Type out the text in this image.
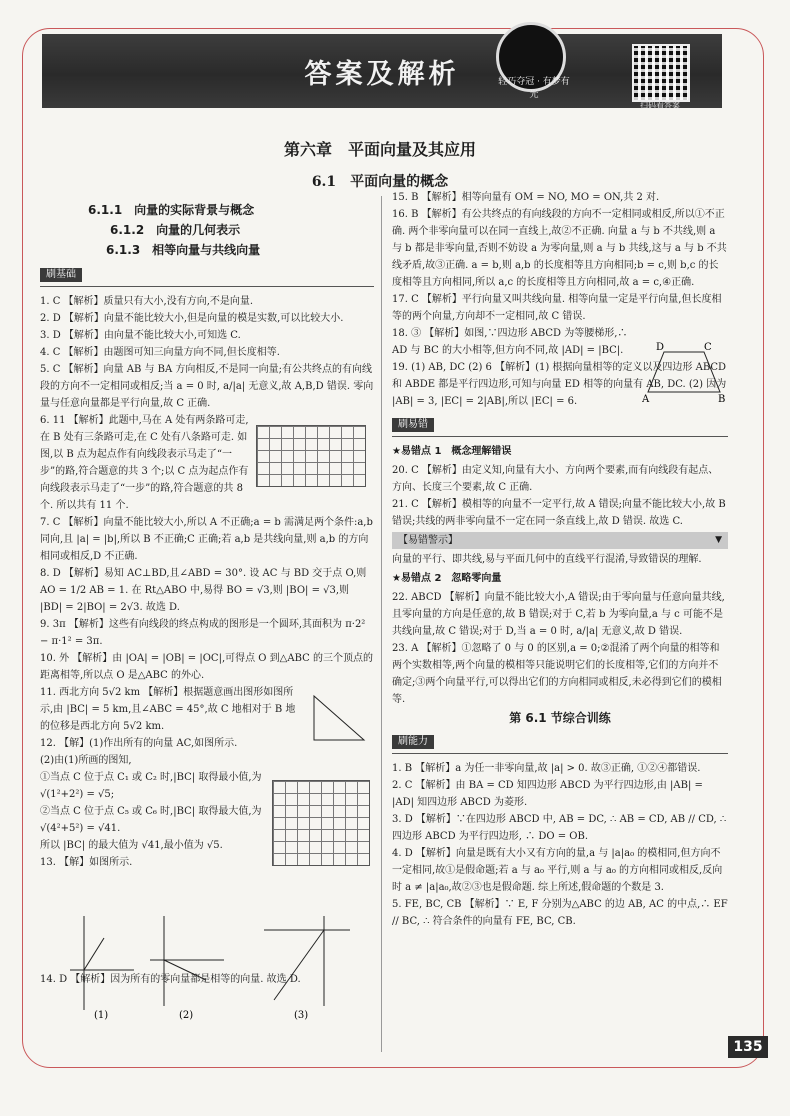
答案及解析	轻巧夺冠 · 有梦有光
扫码看答案
第六章　平面向量及其应用
6.1　平面向量的概念
6.1.1　向量的实际背景与概念
6.1.2　向量的几何表示
6.1.3　相等向量与共线向量
刷基础

1. C 【解析】质量只有大小,没有方向,不是向量.

2. D 【解析】向量不能比较大小,但是向量的模是实数,可以比较大小.

3. D 【解析】由向量不能比较大小,可知选 C.

4. C 【解析】由题图可知三向量方向不同,但长度相等.

5. C 【解析】向量 AB 与 BA 方向相反,不是同一向量;有公共终点的有向线段的方向不一定相同或相反;当 a = 0 时, a/|a| 无意义,故 A,B,D 错误. 零向量与任意向量都是平行向量,故 C 正确.

6. 11 【解析】此题中,马在 A 处有两条路可走,在 B 处有三条路可走,在 C 处有八条路可走. 如图,以 B 点为起点作有向线段表示马走了“一步”的路,符合题意的共 3 个;以 C 点为起点作有向线段表示马走了“一步”的路,符合题意的共 8 个. 所以共有 11 个.

7. C 【解析】向量不能比较大小,所以 A 不正确;a = b 需满足两个条件:a,b 同向,且 |a| = |b|,所以 B 不正确;C 正确;若 a,b 是共线向量,则 a,b 的方向相同或相反,D 不正确.

8. D 【解析】易知 AC⊥BD,且∠ABD = 30°. 设 AC 与 BD 交于点 O,则 AO = 1/2 AB = 1. 在 Rt△ABO 中,易得 BO = √3,则 |BO| = √3,则 |BD| = 2|BO| = 2√3. 故选 D.

9. 3π 【解析】这些有向线段的终点构成的图形是一个圆环,其面积为 π·2² − π·1² = 3π.

10. 外 【解析】由 |OA| = |OB| = |OC|,可得点 O 到△ABC 的三个顶点的距离相等,所以点 O 是△ABC 的外心.

11. 西北方向 5√2 km 【解析】根据题意画出图形如图所示,由 |BC| = 5 km,且∠ABC = 45°,故 C 地相对于 B 地的位移是西北方向 5√2 km.

12. 【解】(1)作出所有的向量 AC,如图所示.

(2)由(1)所画的图知,

①当点 C 位于点 C₁ 或 C₂ 时,|BC| 取得最小值,为 √(1²+2²) = √5;

②当点 C 位于点 C₅ 或 C₆ 时,|BC| 取得最大值,为 √(4²+5²) = √41.

所以 |BC| 的最大值为 √41,最小值为 √5.

13. 【解】如图所示.

14. D 【解析】因为所有的零向量都是相等的向量. 故选 D.

(1)	(2)	(3)

15. B 【解析】相等向量有 OM = NO, MO = ON,共 2 对.

16. B 【解析】有公共终点的有向线段的方向不一定相同或相反,所以①不正确. 两个非零向量可以在同一直线上,故②不正确. 向量 a 与 b 不共线,则 a 与 b 都是非零向量,否则不妨设 a 为零向量,则 a 与 b 共线,这与 a 与 b 不共线矛盾,故③正确. a = b,则 a,b 的长度相等且方向相同;b = c,则 b,c 的长度相等且方向相同,所以 a,c 的长度相等且方向相同,故 a = c,④正确.

17. C 【解析】平行向量又叫共线向量. 相等向量一定是平行向量,但长度相等的两个向量,方向却不一定相同,故 C 错误.

18. ③ 【解析】如图,∵四边形 ABCD 为等腰梯形,∴ AD 与 BC 的大小相等,但方向不同,故 |AD| = |BC|.

19. (1) AB, DC (2) 6 【解析】(1) 根据向量相等的定义以及四边形 ABCD 和 ABDE 都是平行四边形,可知与向量 ED 相等的向量有 AB, DC. (2) 因为 |AB| = 3, |EC| = 2|AB|,所以 |EC| = 6.

刷易错
★易错点 1　概念理解错误

20. C 【解析】由定义知,向量有大小、方向两个要素,而有向线段有起点、方向、长度三个要素,故 C 正确.

21. C 【解析】模相等的向量不一定平行,故 A 错误;向量不能比较大小,故 B 错误;共线的两非零向量不一定在同一条直线上,故 D 错误. 故选 C.

【易错警示】 ▼

向量的平行、即共线,易与平面几何中的直线平行混淆,导致错误的理解.

★易错点 2　忽略零向量

22. ABCD 【解析】向量不能比较大小,A 错误;由于零向量与任意向量共线,且零向量的方向是任意的,故 B 错误;对于 C,若 b 为零向量,a 与 c 可能不是共线向量,故 C 错误;对于 D,当 a = 0 时, a/|a| 无意义,故 D 错误.

23. A 【解析】①忽略了 0 与 0 的区别,a = 0;②混淆了两个向量的相等和两个实数相等,两个向量的模相等只能说明它们的长度相等,它们的方向并不确定;③两个向量平行,可以得出它们的方向相同或相反,未必得到它们的模相等.

第 6.1 节综合训练
刷能力

1. B 【解析】a 为任一非零向量,故 |a| > 0. 故③正确, ①②④都错误.

2. C 【解析】由 BA = CD 知四边形 ABCD 为平行四边形,由 |AB| = |AD| 知四边形 ABCD 为菱形.

3. D 【解析】∵在四边形 ABCD 中, AB = DC, ∴ AB = CD, AB // CD, ∴ 四边形 ABCD 为平行四边形, ∴ DO = OB.

4. D 【解析】向量是既有大小又有方向的量,a 与 |a|a₀ 的模相同,但方向不一定相同,故①是假命题;若 a 与 a₀ 平行,则 a 与 a₀ 的方向相同或相反,反向时 a ≠ |a|a₀,故②③也是假命题. 综上所述,假命题的个数是 3.

5. FE, BC, CB 【解析】∵ E, F 分别为△ABC 的边 AB, AC 的中点,∴ EF // BC, ∴ 符合条件的向量有 FE, BC, CB.

D	C
A	B
135
